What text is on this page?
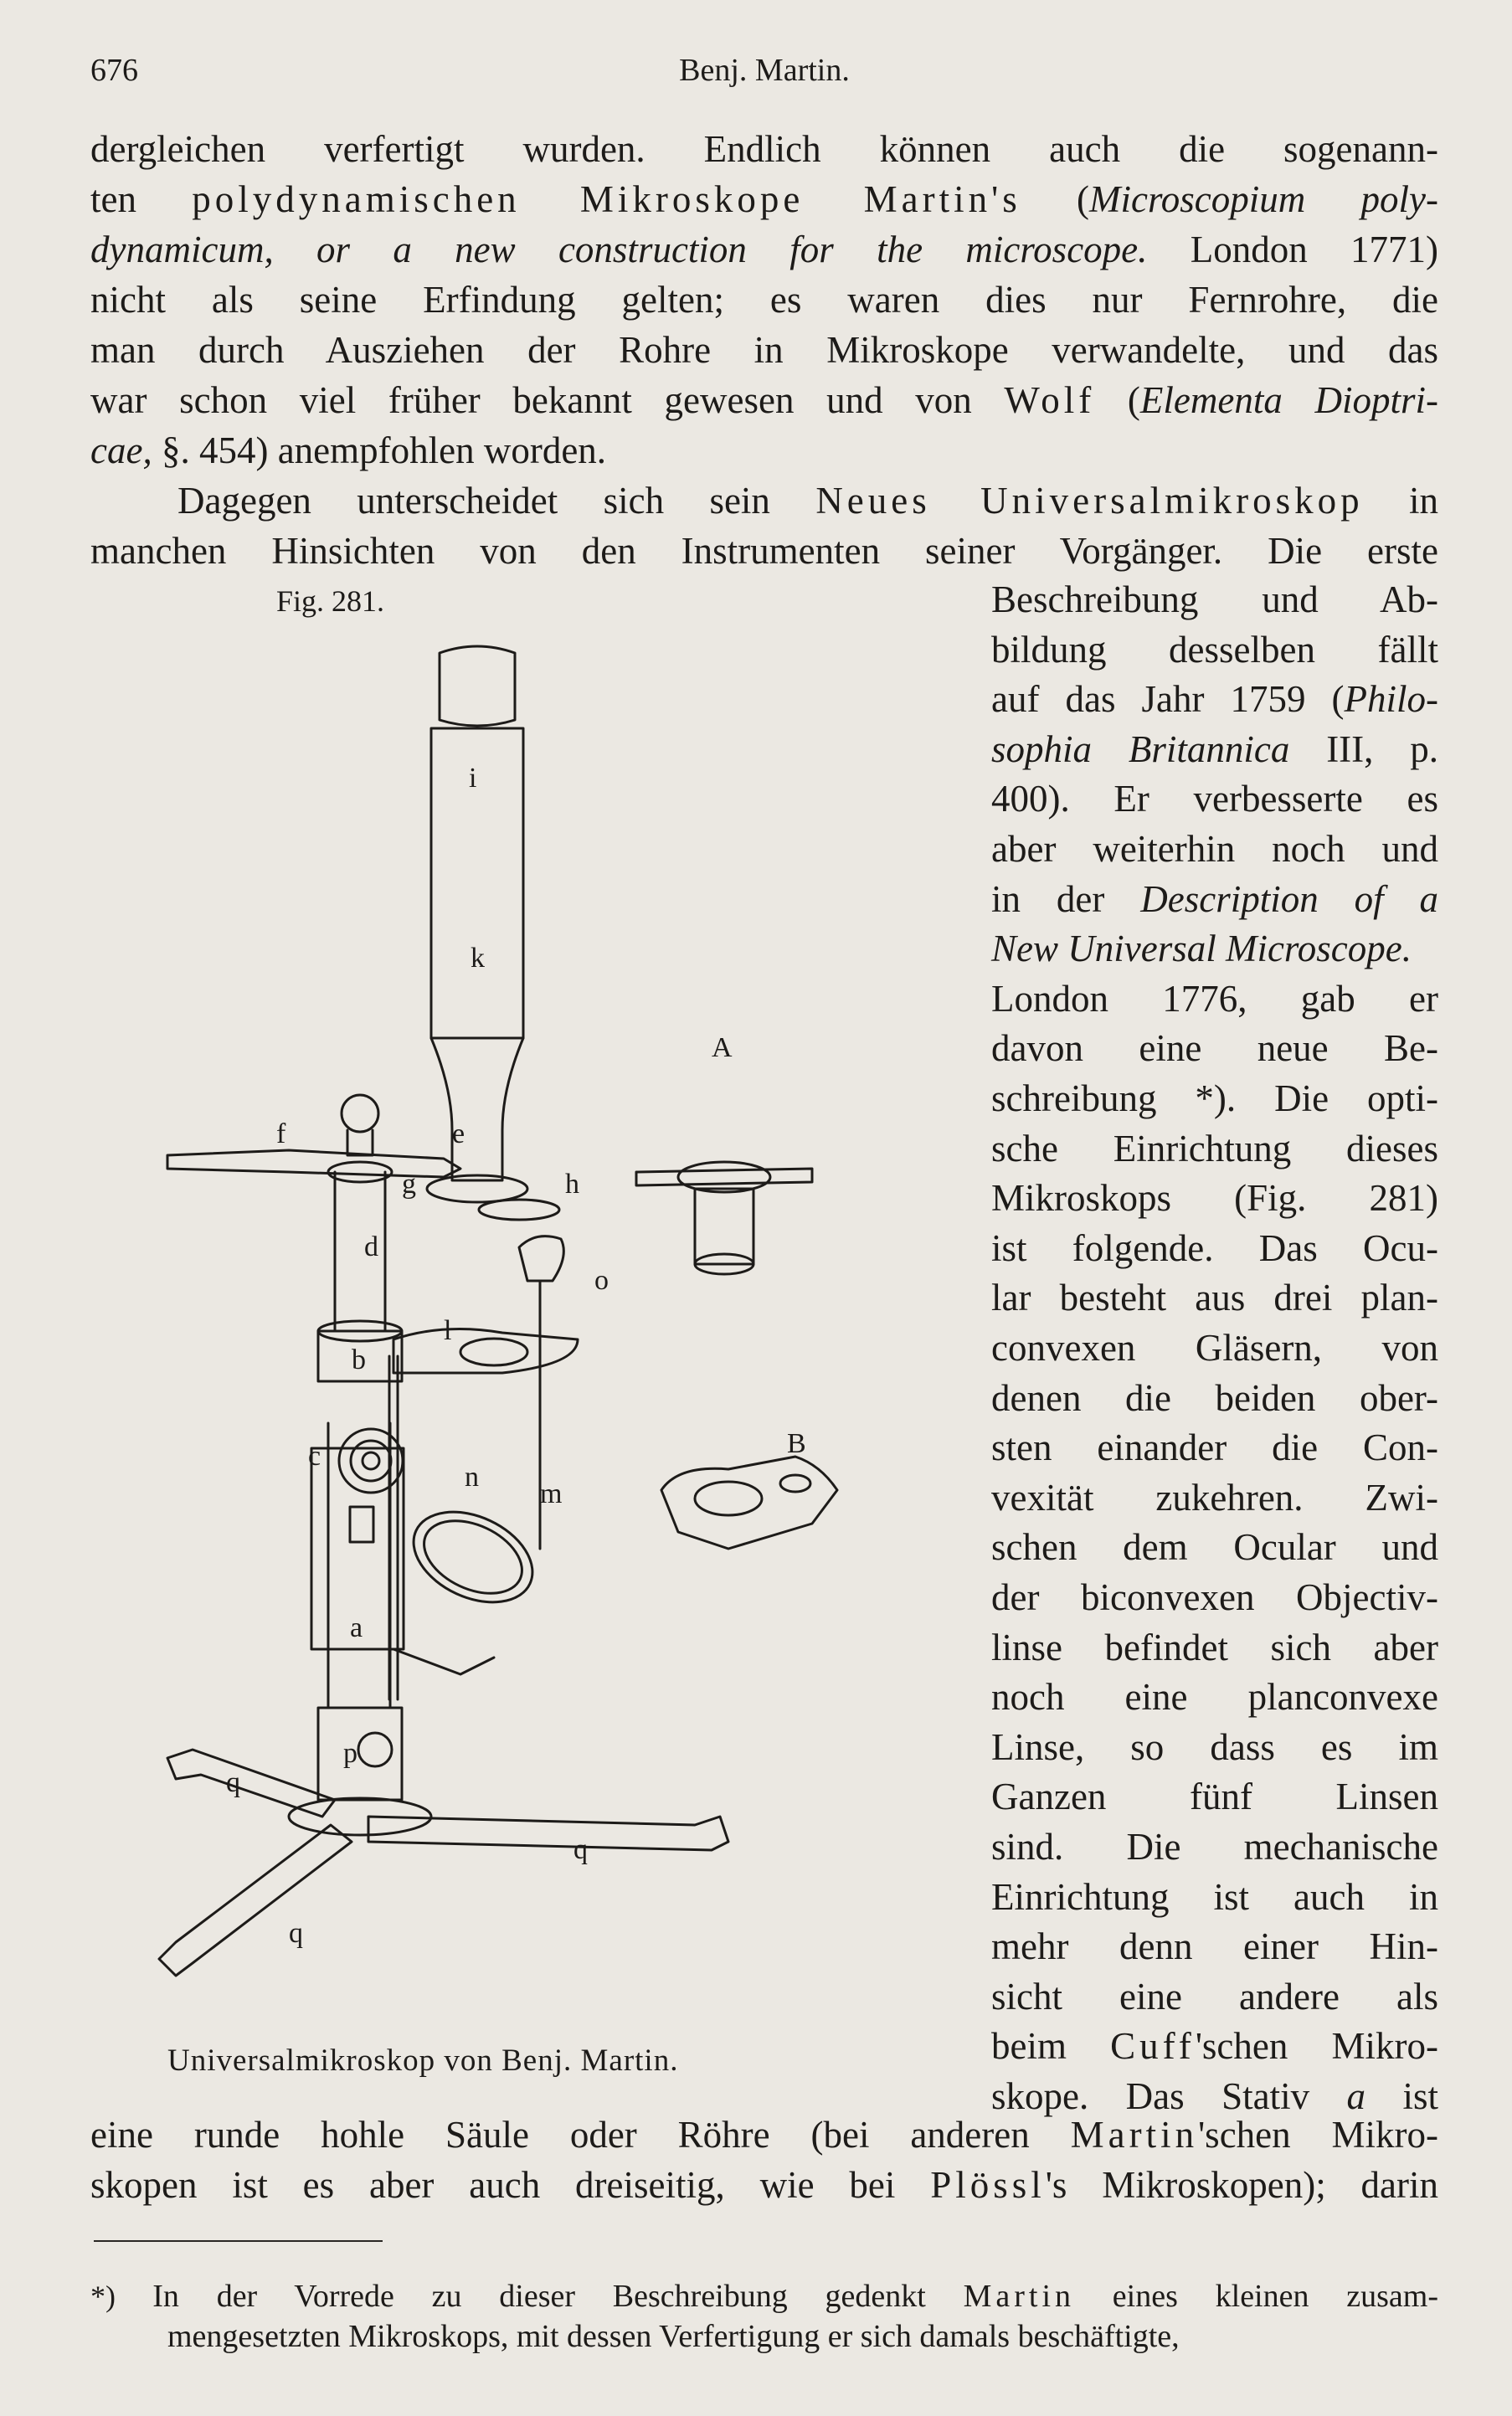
676	Benj. Martin.
dergleichen verfertigt wurden. Endlich können auch die sogenann-
ten polydynamischen Mikroskope Martin's (Microscopium poly-
dynamicum, or a new construction for the microscope. London 1771)
nicht als seine Erfindung gelten; es waren dies nur Fernrohre, die
man durch Ausziehen der Rohre in Mikroskope verwandelte, und das
war schon viel früher bekannt gewesen und von Wolf (Elementa Dioptri-
cae, §. 454) anempfohlen worden.
Dagegen unterscheidet sich sein Neues Universalmikroskop in
manchen Hinsichten von den Instrumenten seiner Vorgänger. Die erste
Beschreibung und Ab-
bildung desselben fällt
auf das Jahr 1759 (Philo-
sophia Britannica III, p.
400). Er verbesserte es
aber weiterhin noch und
in der Description of a
New Universal Microscope.
London 1776, gab er
davon eine neue Be-
schreibung *). Die opti-
sche Einrichtung dieses
Mikroskops (Fig. 281)
ist folgende. Das Ocu-
lar besteht aus drei plan-
convexen Gläsern, von
denen die beiden ober-
sten einander die Con-
vexität zukehren. Zwi-
schen dem Ocular und
der biconvexen Objectiv-
linse befindet sich aber
noch eine planconvexe
Linse, so dass es im
Ganzen fünf Linsen
sind. Die mechanische
Einrichtung ist auch in
mehr denn einer Hin-
sicht eine andere als
beim Cuff'schen Mikro-
skope. Das Stativ a ist
eine runde hohle Säule oder Röhre (bei anderen Martin'schen Mikro-
skopen ist es aber auch dreiseitig, wie bei Plössl's Mikroskopen); darin
Fig. 281.
i
k
A
f	e
g	h
d
o
l
b
c	B
n
m
a
p
q
q
q
Universalmikroskop von Benj. Martin.
*) In der Vorrede zu dieser Beschreibung gedenkt Martin eines kleinen zusam-
mengesetzten Mikroskops, mit dessen Verfertigung er sich damals beschäftigte,
